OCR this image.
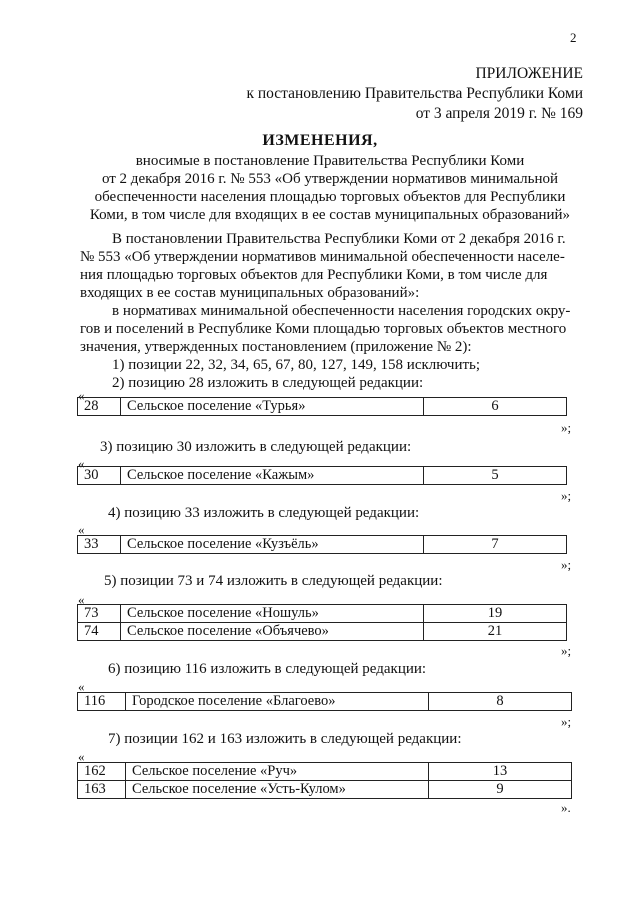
2
ПРИЛОЖЕНИЕ
к постановлению Правительства Республики Коми
от 3 апреля 2019 г. № 169
ИЗМЕНЕНИЯ,
вносимые в постановление Правительства Республики Коми
от 2 декабря 2016 г. № 553 «Об утверждении нормативов минимальной
обеспеченности населения площадью торговых объектов для Республики
Коми, в том числе для входящих в ее состав муниципальных образований»
В постановлении Правительства Республики Коми от 2 декабря 2016 г.
№ 553 «Об утверждении нормативов минимальной обеспеченности населе-
ния площадью торговых объектов для Республики Коми, в том числе для
входящих в ее состав муниципальных образований»:
в нормативах минимальной обеспеченности населения городских окру-
гов и поселений в Республике Коми площадью торговых объектов местного
значения, утвержденных постановлением (приложение № 2):
1) позиции 22, 32, 34, 65, 67, 80, 127, 149, 158 исключить;
2) позицию 28 изложить в следующей редакции:
«
28	Сельское поселение «Турья»	6
»;
3) позицию 30 изложить в следующей редакции:
«
30	Сельское поселение «Кажым»	5
»;
4) позицию 33 изложить в следующей редакции:
«
33	Сельское поселение «Кузъёль»	7
»;
5) позиции 73 и 74 изложить в следующей редакции:
«
73	Сельское поселение «Ношуль»	19
74	Сельское поселение «Объячево»	21
»;
6) позицию 116 изложить в следующей редакции:
«
116	Городское поселение «Благоево»	8
»;
7) позиции 162 и 163 изложить в следующей редакции:
«
162	Сельское поселение «Руч»	13
163	Сельское поселение «Усть-Кулом»	9
».
